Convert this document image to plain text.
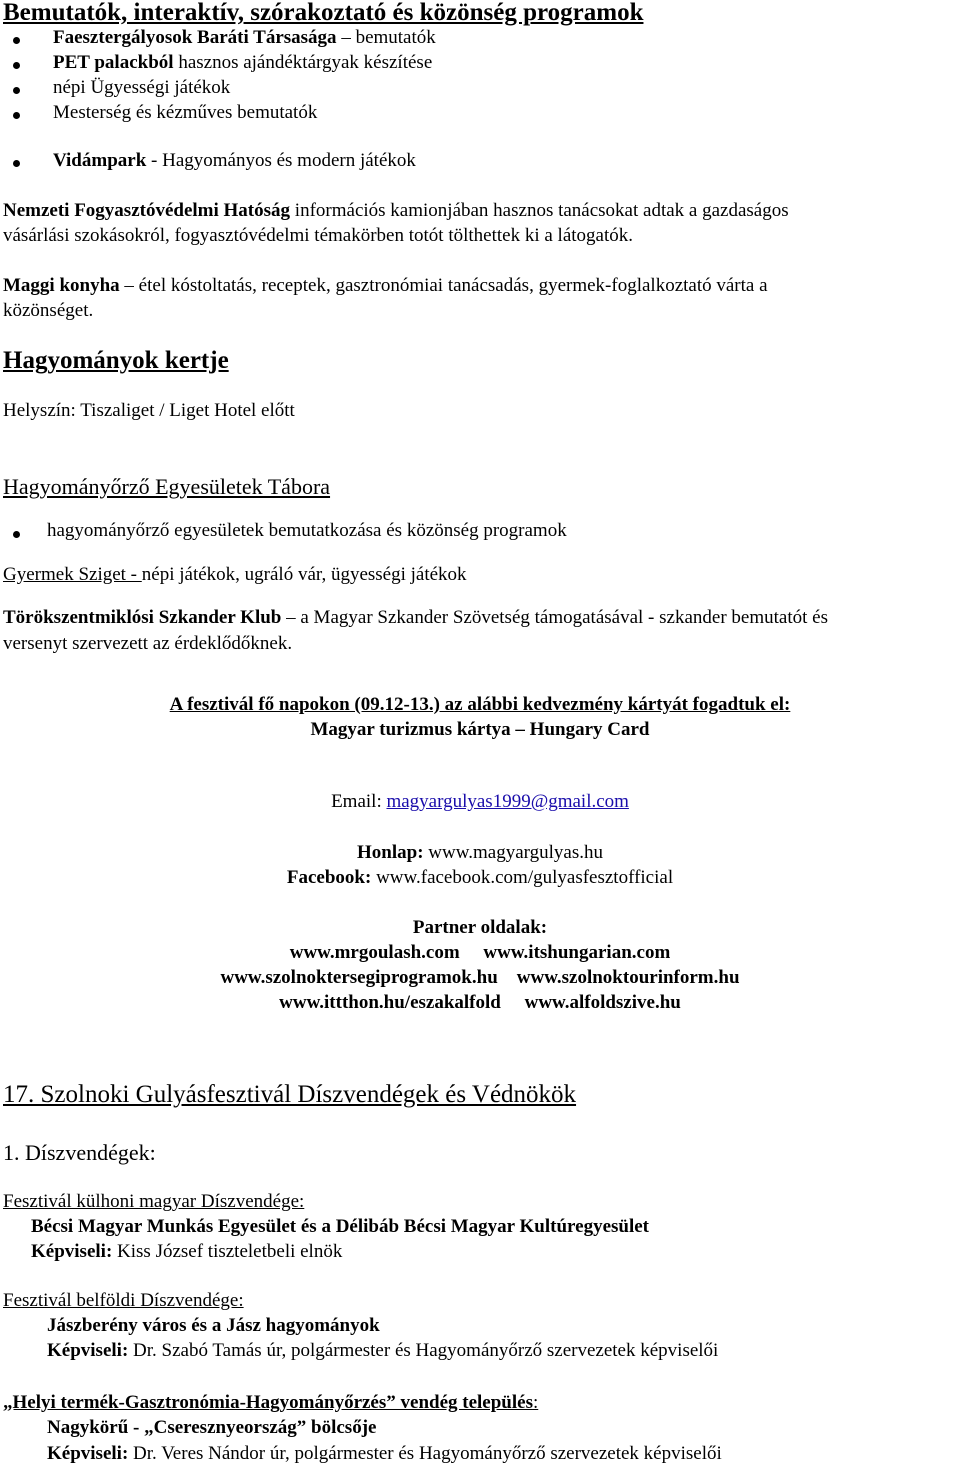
Bemutatók, interaktív, szórakoztató és közönség programok
Faesztergályosok Baráti Társasága – bemutatók
PET palackból hasznos ajándéktárgyak készítése
népi Ügyességi játékok
Mesterség és kézműves bemutatók
Vidámpark - Hagyományos és modern játékok
Nemzeti Fogyasztóvédelmi Hatóság információs kamionjában hasznos tanácsokat adtak a gazdaságos
vásárlási szokásokról, fogyasztóvédelmi témakörben totót tölthettek ki a látogatók.
Maggi konyha – étel kóstoltatás, receptek, gasztronómiai tanácsadás, gyermek-foglalkoztató várta a
közönséget.
Hagyományok kertje
Helyszín: Tiszaliget / Liget Hotel előtt
Hagyományőrző Egyesületek Tábora
hagyományőrző egyesületek bemutatkozása és közönség programok
Gyermek Sziget - népi játékok, ugráló vár, ügyességi játékok
Törökszentmiklósi Szkander Klub – a Magyar Szkander Szövetség támogatásával - szkander bemutatót és
versenyt szervezett az érdeklődőknek.
A fesztivál fő napokon (09.12-13.) az alábbi kedvezmény kártyát fogadtuk el:
Magyar turizmus kártya – Hungary Card
Email: magyargulyas1999@gmail.com
Honlap: www.magyargulyas.hu
Facebook: www.facebook.com/gulyasfesztofficial
Partner oldalak:
www.mrgoulash.com www.itshungarian.com
www.szolnoktersegiprogramok.hu www.szolnoktourinform.hu
www.ittthon.hu/eszakalfold www.alfoldszive.hu
17. Szolnoki Gulyásfesztivál Díszvendégek és Védnökök
1. Díszvendégek:
Fesztivál külhoni magyar Díszvendége:
Bécsi Magyar Munkás Egyesület és a Délibáb Bécsi Magyar Kultúregyesület
Képviseli: Kiss József tiszteletbeli elnök
Fesztivál belföldi Díszvendége:
Jászberény város és a Jász hagyományok
Képviseli: Dr. Szabó Tamás úr, polgármester és Hagyományőrző szervezetek képviselői
„Helyi termék-Gasztronómia-Hagyományőrzés” vendég település:
Nagykörű - „Cseresznyeország” bölcsője
Képviseli: Dr. Veres Nándor úr, polgármester és Hagyományőrző szervezetek képviselői
